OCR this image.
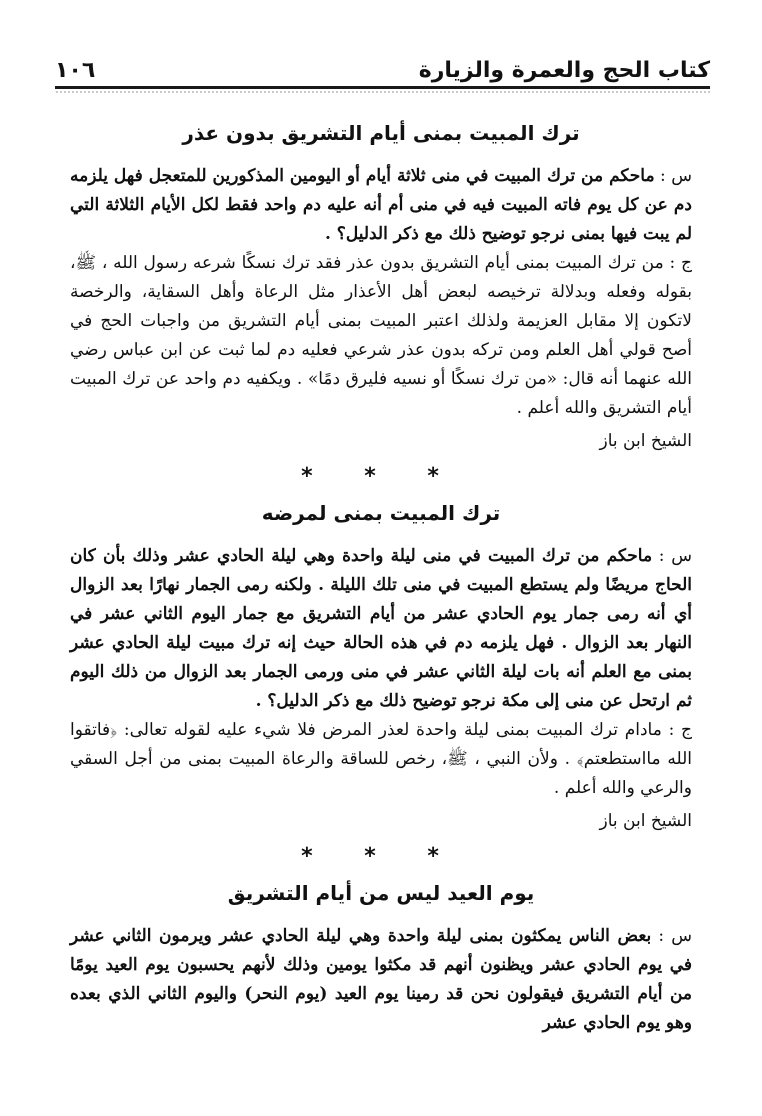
كتاب الحج والعمرة والزيارة
١٠٦
ترك المبيت بمنى أيام التشريق بدون عذر

س : ماحكم من ترك المبيت في منى ثلاثة أيام أو اليومين المذكورين للمتعجل فهل يلزمه دم عن كل يوم فاته المبيت فيه في منى أم أنه عليه دم واحد فقط لكل الأيام الثلاثة التي لم يبت فيها بمنى نرجو توضيح ذلك مع ذكر الدليل؟ .

ج : من ترك المبيت بمنى أيام التشريق بدون عذر فقد ترك نسكًا شرعه رسول الله ، ﷺ، بقوله وفعله وبدلالة ترخيصه لبعض أهل الأعذار مثل الرعاة وأهل السقاية، والرخصة لاتكون إلا مقابل العزيمة ولذلك اعتبر المبيت بمنى أيام التشريق من واجبات الحج في أصح قولي أهل العلم ومن تركه بدون عذر شرعي فعليه دم لما ثبت عن ابن عباس رضي الله عنهما أنه قال: «من ترك نسكًا أو نسيه فليرق دمًا» . ويكفيه دم واحد عن ترك المبيت أيام التشريق والله أعلم .

الشيخ ابن باز
* * *
ترك المبيت بمنى لمرضه

س : ماحكم من ترك المبيت في منى ليلة واحدة وهي ليلة الحادي عشر وذلك بأن كان الحاج مريضًا ولم يستطع المبيت في منى تلك الليلة . ولكنه رمى الجمار نهارًا بعد الزوال أي أنه رمى جمار يوم الحادي عشر من أيام التشريق مع جمار اليوم الثاني عشر في النهار بعد الزوال . فهل يلزمه دم في هذه الحالة حيث إنه ترك مبيت ليلة الحادي عشر بمنى مع العلم أنه بات ليلة الثاني عشر في منى ورمى الجمار بعد الزوال من ذلك اليوم ثم ارتحل عن منى إلى مكة نرجو توضيح ذلك مع ذكر الدليل؟ .

ج : مادام ترك المبيت بمنى ليلة واحدة لعذر المرض فلا شيء عليه لقوله تعالى: ﴿فاتقوا الله مااستطعتم﴾ . ولأن النبي ، ﷺ، رخص للساقة والرعاة المبيت بمنى من أجل السقي والرعي والله أعلم .

الشيخ ابن باز
* * *
يوم العيد ليس من أيام التشريق

س : بعض الناس يمكثون بمنى ليلة واحدة وهي ليلة الحادي عشر ويرمون الثاني عشر في يوم الحادي عشر ويظنون أنهم قد مكثوا يومين وذلك لأنهم يحسبون يوم العيد يومًا من أيام التشريق فيقولون نحن قد رمينا يوم العيد (يوم النحر) واليوم الثاني الذي بعده وهو يوم الحادي عشر
